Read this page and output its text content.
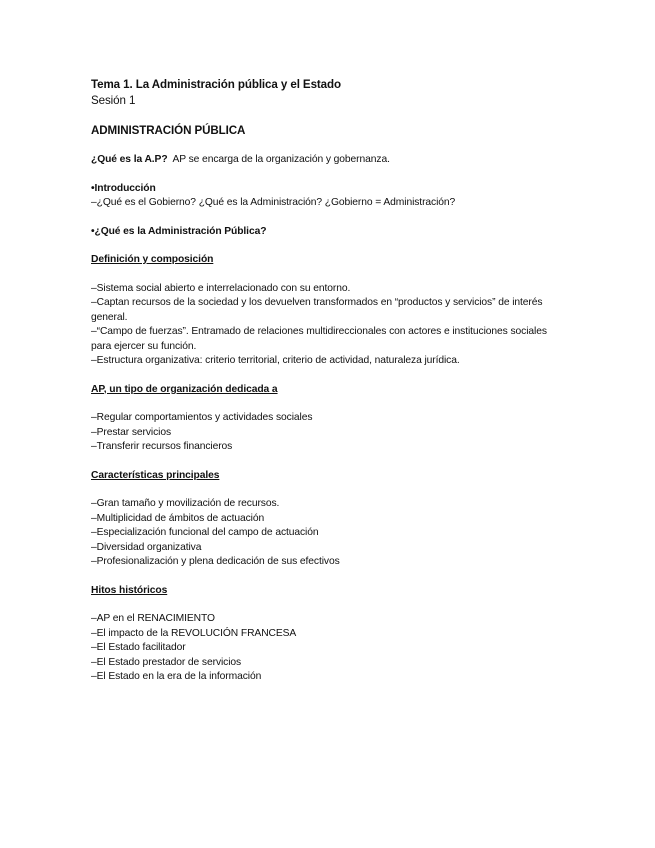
Tema 1. La Administración pública y el Estado
Sesión 1
ADMINISTRACIÓN PÚBLICA
¿Qué es la A.P? AP se encarga de la organización y gobernanza.
•Introducción
–¿Qué es el Gobierno? ¿Qué es la Administración? ¿Gobierno = Administración?
•¿Qué es la Administración Pública?
Definición y composición
–Sistema social abierto e interrelacionado con su entorno.
–Captan recursos de la sociedad y los devuelven transformados en “productos y servicios” de interés general.
–“Campo de fuerzas”. Entramado de relaciones multidireccionales con actores e instituciones sociales para ejercer su función.
–Estructura organizativa: criterio territorial, criterio de actividad, naturaleza jurídica.
AP, un tipo de organización dedicada a
–Regular comportamientos y actividades sociales
–Prestar servicios
–Transferir recursos financieros
Características principales
–Gran tamaño y movilización de recursos.
–Multiplicidad de ámbitos de actuación
–Especialización funcional del campo de actuación
–Diversidad organizativa
–Profesionalización y plena dedicación de sus efectivos
Hitos históricos
–AP en el RENACIMIENTO
–El impacto de la REVOLUCIÓN FRANCESA
–El Estado facilitador
–El Estado prestador de servicios
–El Estado en la era de la información
